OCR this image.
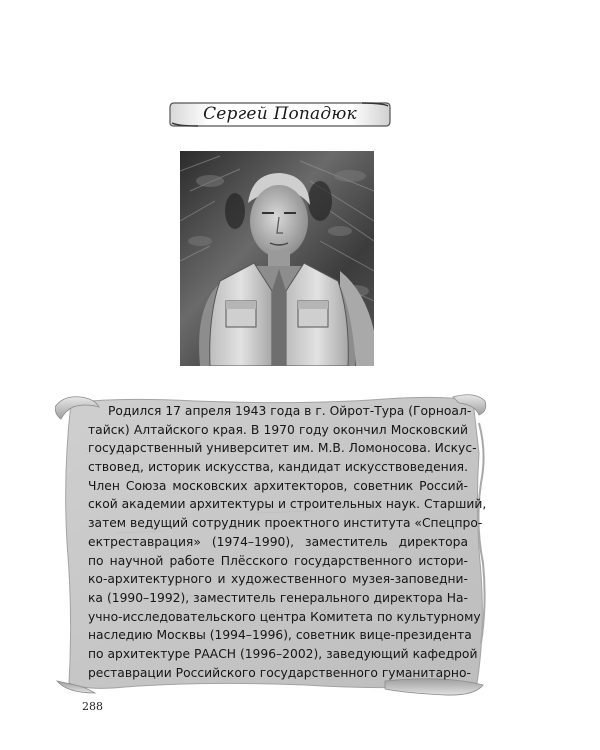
Сергей Попадюк
Родился 17 апреля 1943 года в г. Ойрот-Тура (Горноал-
тайск) Алтайского края. В 1970 году окончил Московский
государственный университет им. М.В. Ломоносова. Искус-
ствовед, историк искусства, кандидат искусствоведения.
Член Союза московских архитекторов, советник Россий-
ской академии архитектуры и строительных наук. Старший,
затем ведущий сотрудник проектного института «Спецпро-
ектреставрация» (1974–1990), заместитель директора
по научной работе Плёсского государственного истори-
ко-архитектурного и художественного музея-заповедни-
ка (1990–1992), заместитель генерального директора На-
учно-исследовательского центра Комитета по культурному
наследию Москвы (1994–1996), советник вице-президента
по архитектуре РААСН (1996–2002), заведующий кафедрой
реставрации Российского государственного гуманитарно-
288
